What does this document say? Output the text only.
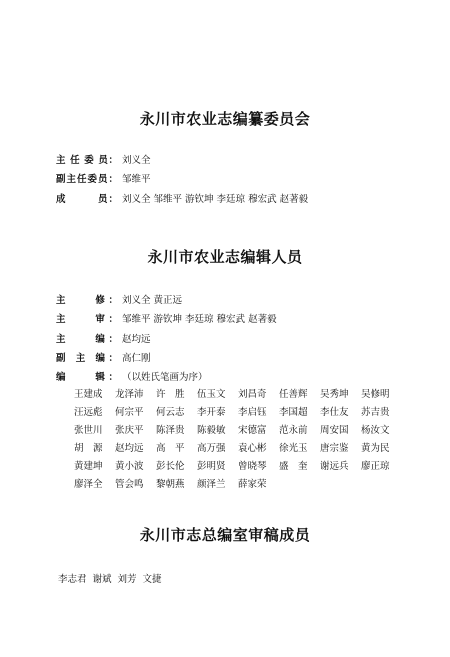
永川市农业志编纂委员会
主 任 委 员： 刘义全
副主任委员： 邹维平
成　　　员： 刘义全 邹维平 游钦坤 李廷琼 穆宏武 赵著毅
永川市农业志编辑人员
主　　修： 刘义全 黄正远
主　　审： 邹维平 游钦坤 李廷琼 穆宏武 赵著毅
主　　编： 赵均远
副 主 编： 高仁刚
编　　辑： （以姓氏笔画为序）
王建成 龙泽沛 许　胜 伍玉文 刘昌奇 任善辉 吴秀坤 吴修明汪远彪 何宗平 何云志 李开泰 李启钰 李国超 李仕友 苏吉贵张世川 张庆平 陈泽贵 陈毅敏 宋德富 范永前 周安国 杨汝文胡　源 赵均远 高　平 高万强 袁心彬 徐光玉 唐宗鉴 黄为民黄建坤 黄小波 彭长伦 彭明贤 曾晓琴 盛　奎 谢远兵 廖正琼廖泽全 管会鸣 黎朝燕 颜泽兰 薛家荣
永川市志总编室审稿成员
李志君 谢斌 刘芳 文捷
